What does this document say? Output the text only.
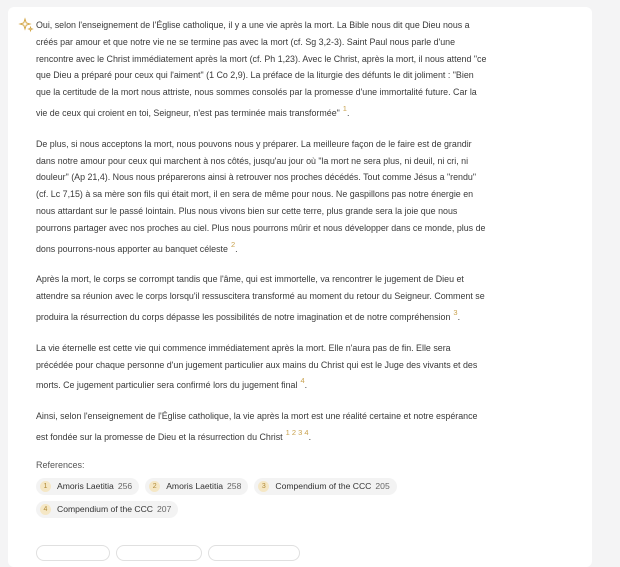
Oui, selon l'enseignement de l'Église catholique, il y a une vie après la mort. La Bible nous dit que Dieu nous a créés par amour et que notre vie ne se termine pas avec la mort (cf. Sg 3,2-3). Saint Paul nous parle d'une rencontre avec le Christ immédiatement après la mort (cf. Ph 1,23). Avec le Christ, après la mort, il nous attend "ce que Dieu a préparé pour ceux qui l'aiment" (1 Co 2,9). La préface de la liturgie des défunts le dit joliment : "Bien que la certitude de la mort nous attriste, nous sommes consolés par la promesse d'une immortalité future. Car la vie de ceux qui croient en toi, Seigneur, n'est pas terminée mais transformée" 1.

De plus, si nous acceptons la mort, nous pouvons nous y préparer. La meilleure façon de le faire est de grandir dans notre amour pour ceux qui marchent à nos côtés, jusqu'au jour où "la mort ne sera plus, ni deuil, ni cri, ni douleur" (Ap 21,4). Nous nous préparerons ainsi à retrouver nos proches décédés. Tout comme Jésus a "rendu" (cf. Lc 7,15) à sa mère son fils qui était mort, il en sera de même pour nous. Ne gaspillons pas notre énergie en nous attardant sur le passé lointain. Plus nous vivons bien sur cette terre, plus grande sera la joie que nous pourrons partager avec nos proches au ciel. Plus nous pourrons mûrir et nous développer dans ce monde, plus de dons pourrons-nous apporter au banquet céleste 2.

Après la mort, le corps se corrompt tandis que l'âme, qui est immortelle, va rencontrer le jugement de Dieu et attendre sa réunion avec le corps lorsqu'il ressuscitera transformé au moment du retour du Seigneur. Comment se produira la résurrection du corps dépasse les possibilités de notre imagination et de notre compréhension 3.

La vie éternelle est cette vie qui commence immédiatement après la mort. Elle n'aura pas de fin. Elle sera précédée pour chaque personne d'un jugement particulier aux mains du Christ qui est le Juge des vivants et des morts. Ce jugement particulier sera confirmé lors du jugement final 4.

Ainsi, selon l'enseignement de l'Église catholique, la vie après la mort est une réalité certaine et notre espérance est fondée sur la promesse de Dieu et la résurrection du Christ 1 2 3 4.

References:
1	Amoris Laetitia 256	2	Amoris Laetitia 258	3	Compendium of the CCC 205
4	Compendium of the CCC 207
